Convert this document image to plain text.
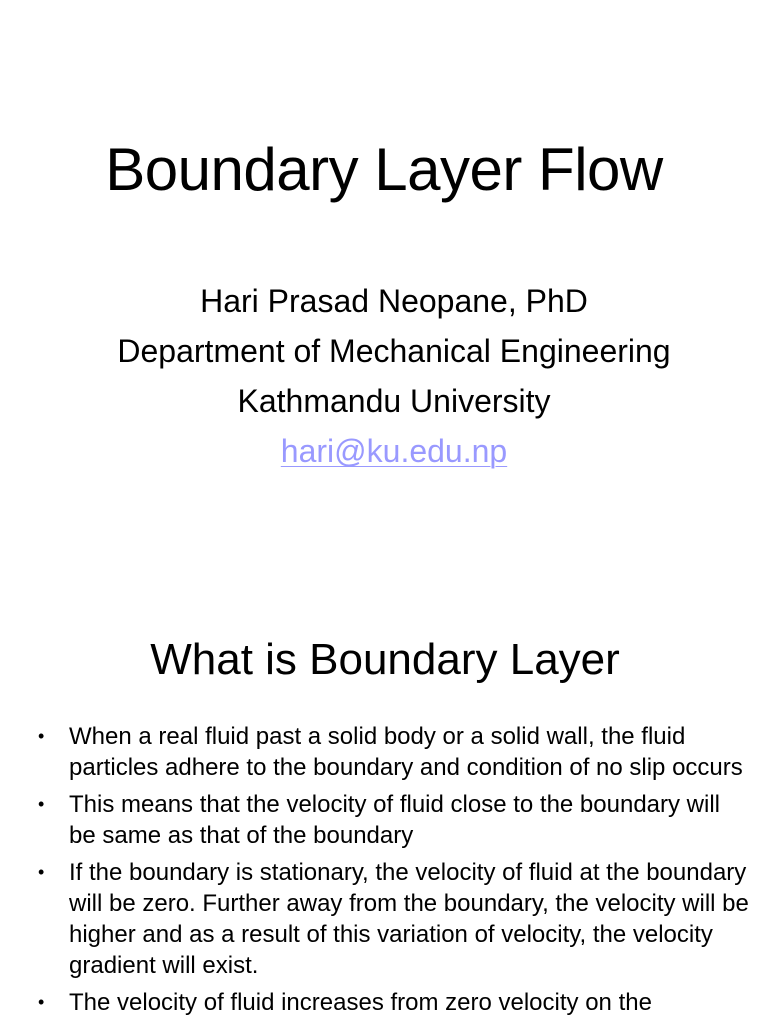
Boundary Layer Flow
Hari Prasad Neopane, PhD
Department of Mechanical Engineering
Kathmandu University
hari@ku.edu.np
What is Boundary Layer
• When a real fluid past a solid body or a solid wall, the fluid particles adhere to the boundary and condition of no slip occurs
• This means that the velocity of fluid close to the boundary will be same as that of the boundary
• If the boundary is stationary, the velocity of fluid at the boundary will be zero. Further away from the boundary, the velocity will be higher and as a result of this variation of velocity, the velocity gradient will exist.
• The velocity of fluid increases from zero velocity on the
